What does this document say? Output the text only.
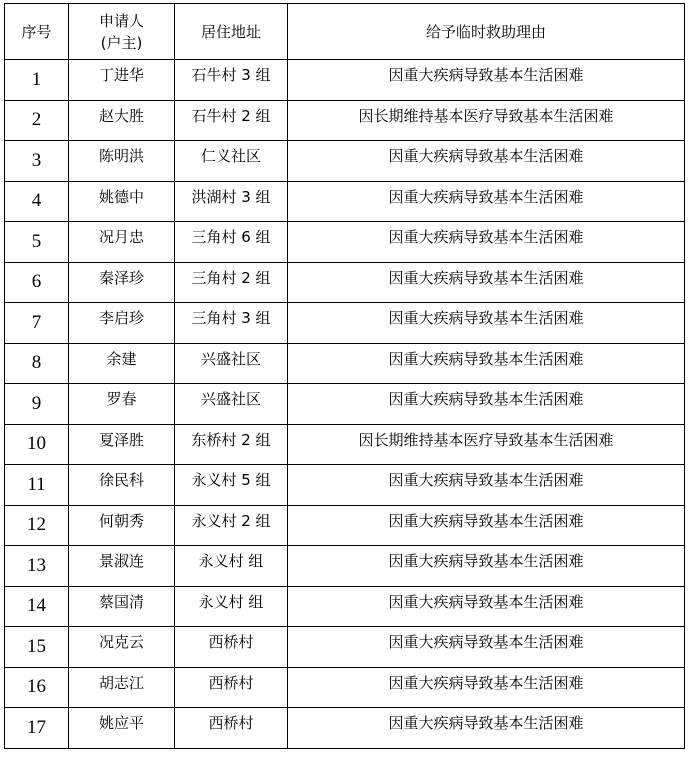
序号	申请人
(户主)	居住地址	给予临时救助理由
1	丁进华	石牛村 3 组	因重大疾病导致基本生活困难
2	赵大胜	石牛村 2 组	因长期维持基本医疗导致基本生活困难
3	陈明洪	仁义社区	因重大疾病导致基本生活困难
4	姚德中	洪湖村 3 组	因重大疾病导致基本生活困难
5	况月忠	三角村 6 组	因重大疾病导致基本生活困难
6	秦泽珍	三角村 2 组	因重大疾病导致基本生活困难
7	李启珍	三角村 3 组	因重大疾病导致基本生活困难
8	余建	兴盛社区	因重大疾病导致基本生活困难
9	罗春	兴盛社区	因重大疾病导致基本生活困难
10	夏泽胜	东桥村 2 组	因长期维持基本医疗导致基本生活困难
11	徐民科	永义村 5 组	因重大疾病导致基本生活困难
12	何朝秀	永义村 2 组	因重大疾病导致基本生活困难
13	景淑连	永义村 组	因重大疾病导致基本生活困难
14	蔡国清	永义村 组	因重大疾病导致基本生活困难
15	况克云	西桥村	因重大疾病导致基本生活困难
16	胡志江	西桥村	因重大疾病导致基本生活困难
17	姚应平	西桥村	因重大疾病导致基本生活困难
